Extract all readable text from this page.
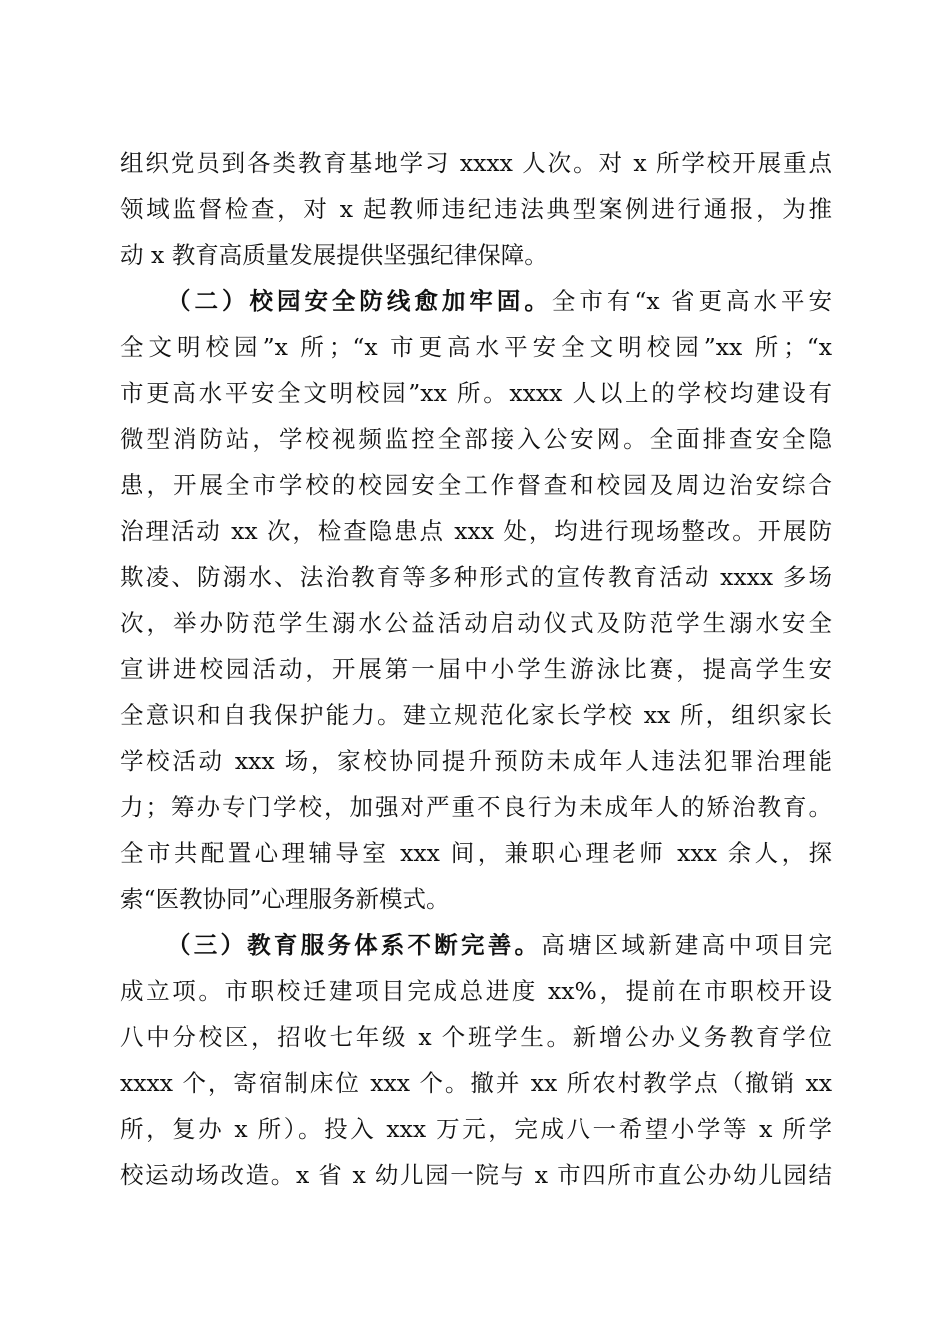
组织党员到各类教育基地学习 xxxx 人次。对 x 所学校开展重点
领域监督检查，对 x 起教师违纪违法典型案例进行通报，为推
动 x 教育高质量发展提供坚强纪律保障。
（二）校园安全防线愈加牢固。全市有“x 省更高水平安
全文明校园”x 所；“x 市更高水平安全文明校园”xx 所；“x
市更高水平安全文明校园”xx 所。xxxx 人以上的学校均建设有
微型消防站，学校视频监控全部接入公安网。全面排查安全隐
患，开展全市学校的校园安全工作督查和校园及周边治安综合
治理活动 xx 次，检查隐患点 xxx 处，均进行现场整改。开展防
欺凌、防溺水、法治教育等多种形式的宣传教育活动 xxxx 多场
次，举办防范学生溺水公益活动启动仪式及防范学生溺水安全
宣讲进校园活动，开展第一届中小学生游泳比赛，提高学生安
全意识和自我保护能力。建立规范化家长学校 xx 所，组织家长
学校活动 xxx 场，家校协同提升预防未成年人违法犯罪治理能
力；筹办专门学校，加强对严重不良行为未成年人的矫治教育。
全市共配置心理辅导室 xxx 间，兼职心理老师 xxx 余人，探
索“医教协同”心理服务新模式。
（三）教育服务体系不断完善。高塘区域新建高中项目完
成立项。市职校迁建项目完成总进度 xx%，提前在市职校开设
八中分校区，招收七年级 x 个班学生。新增公办义务教育学位
xxxx 个，寄宿制床位 xxx 个。撤并 xx 所农村教学点（撤销 xx
所，复办 x 所）。投入 xxx 万元，完成八一希望小学等 x 所学
校运动场改造。x 省 x 幼儿园一院与 x 市四所市直公办幼儿园结
